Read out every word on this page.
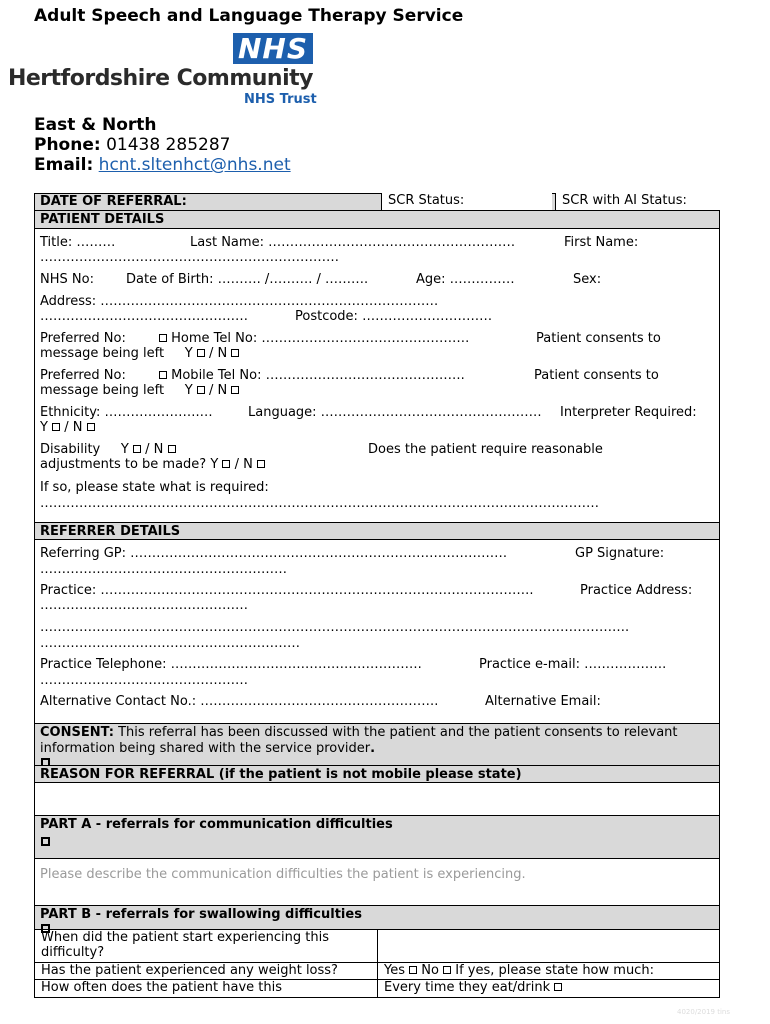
Adult Speech and Language Therapy Service
NHS
Hertfordshire Community
NHS Trust
East & North
Phone: 01438 285287
Email: hcnt.sltenhct@nhs.net
DATE OF REFERRAL:	SCR Status:	SCR with AI Status:
PATIENT DETAILS
Title: ………	Last Name: …………………………………………………	First Name:
……………………………………………………………
NHS No: Date of Birth: ………. /………. / ……….	Age: ……………	Sex:
Address: ……………………………………………………………………
…………………………………………	Postcode: …………………………
Preferred No:	Home Tel No: …………………………………………	Patient consents to
message being left Y / N
Preferred No:	Mobile Tel No: ……………………………………….	Patient consents to
message being left Y / N
Ethnicity: ………………….…	Language: …………………………………………… Interpreter Required:
Y / N
Disability Y / N	Does the patient require reasonable
adjustments to be made? Y / N
If so, please state what is required:
…………………………………………………………………………………………………………………
REFERRER DETAILS
Referring GP: ……………………………………………………………………………	GP Signature:
…………………………………………………
Practice: ……………………………………………………………………………………….	Practice Address:
…………………………………………
……………………………………………………………………………………………………………………….
……………………………………………………
Practice Telephone: ………………………………………………….	Practice e-mail: ……………….
…………………………………………
Alternative Contact No.: ……………………………………………….	Alternative Email:
CONSENT: This referral has been discussed with the patient and the patient consents to relevant information being shared with the service provider.
REASON FOR REFERRAL (if the patient is not mobile please state)
PART A - referrals for communication difficulties
Please describe the communication difficulties the patient is experiencing.
PART B - referrals for swallowing difficulties
When did the patient start experiencing this difficulty?
Has the patient experienced any weight loss?	Yes No If yes, please state how much:
How often does the patient have this	Every time they eat/drink
4020/2019 tins
